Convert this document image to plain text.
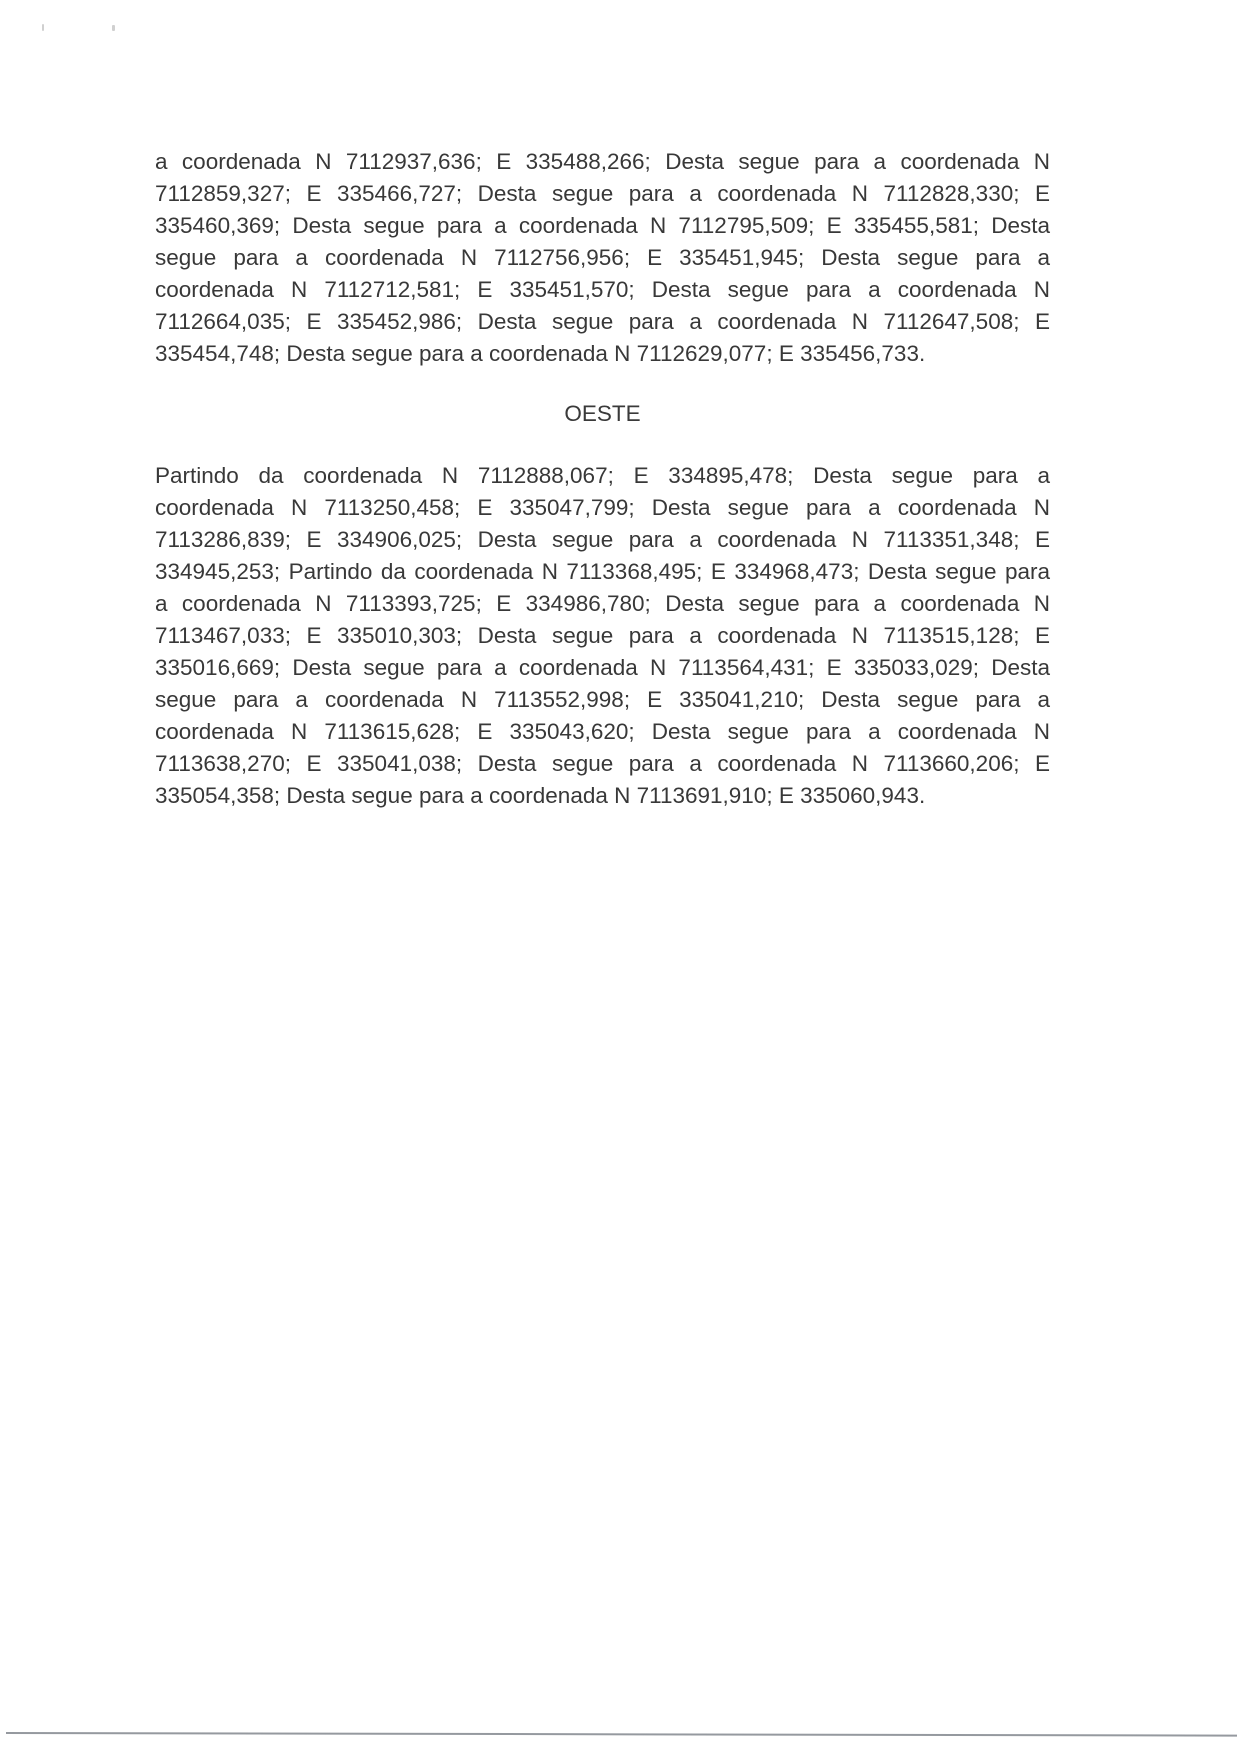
a coordenada N 7112937,636; E 335488,266; Desta segue para a coordenada N
7112859,327; E 335466,727; Desta segue para a coordenada N 7112828,330; E
335460,369; Desta segue para a coordenada N 7112795,509; E 335455,581; Desta
segue para a coordenada N 7112756,956; E 335451,945; Desta segue para a
coordenada N 7112712,581; E 335451,570; Desta segue para a coordenada N
7112664,035; E 335452,986; Desta segue para a coordenada N 7112647,508; E
335454,748; Desta segue para a coordenada N 7112629,077; E 335456,733.
OESTE
Partindo da coordenada N 7112888,067; E 334895,478; Desta segue para a
coordenada N 7113250,458; E 335047,799; Desta segue para a coordenada N
7113286,839; E 334906,025; Desta segue para a coordenada N 7113351,348; E
334945,253; Partindo da coordenada N 7113368,495; E 334968,473; Desta segue para
a coordenada N 7113393,725; E 334986,780; Desta segue para a coordenada N
7113467,033; E 335010,303; Desta segue para a coordenada N 7113515,128; E
335016,669; Desta segue para a coordenada N 7113564,431; E 335033,029; Desta
segue para a coordenada N 7113552,998; E 335041,210; Desta segue para a
coordenada N 7113615,628; E 335043,620; Desta segue para a coordenada N
7113638,270; E 335041,038; Desta segue para a coordenada N 7113660,206; E
335054,358; Desta segue para a coordenada N 7113691,910; E 335060,943.
